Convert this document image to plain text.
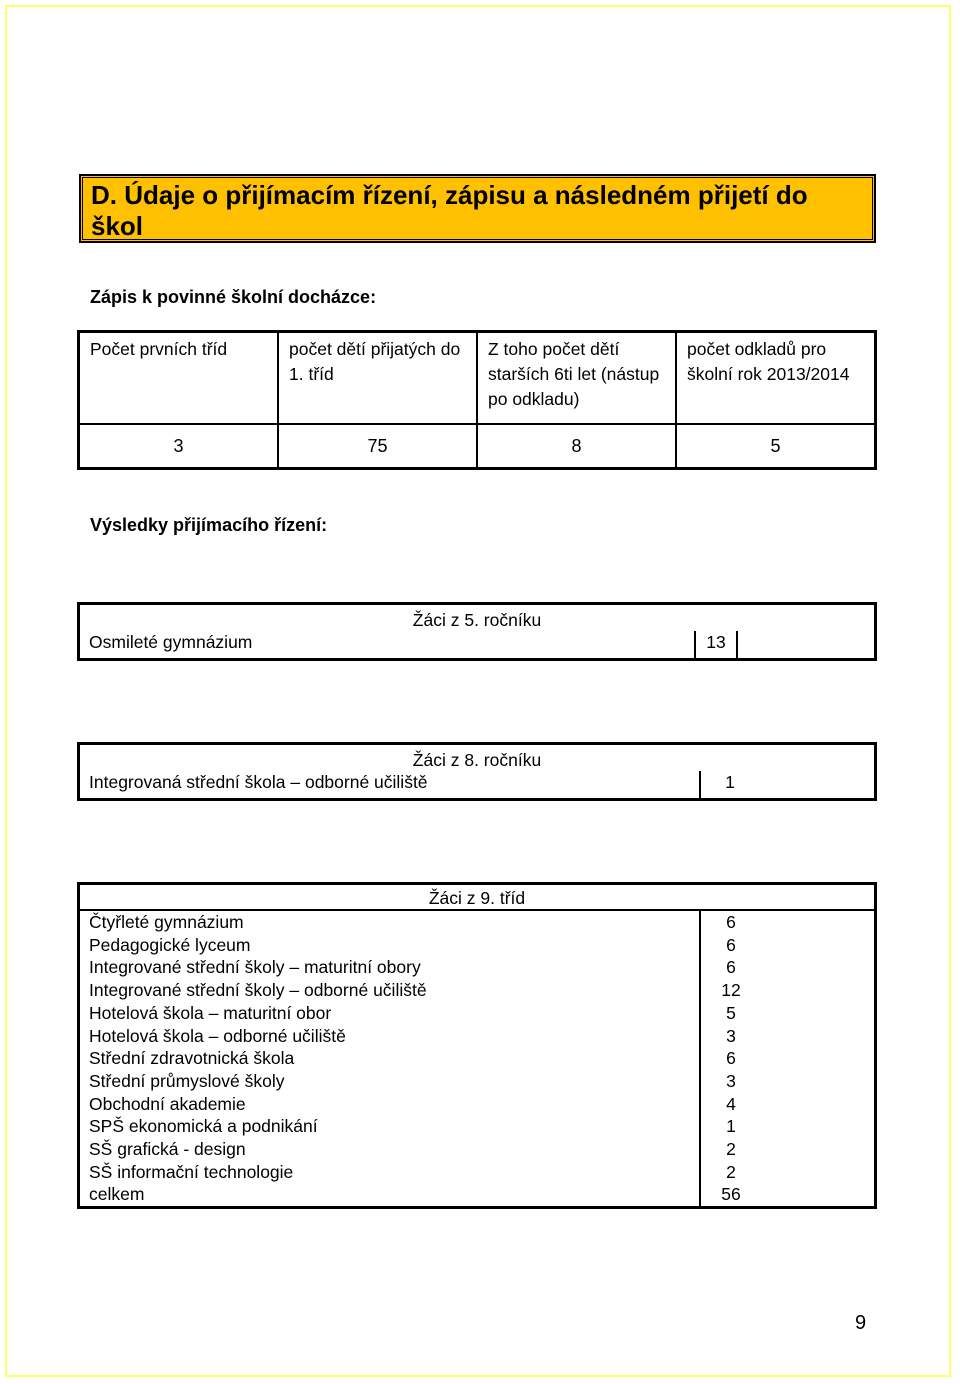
D. Údaje o přijímacím řízení, zápisu a následném přijetí do škol
Zápis k povinné školní docházce:
Počet prvních tříd	počet dětí přijatých do 1. tříd	Z toho počet dětí starších 6ti let (nástup po odkladu)	počet odkladů pro školní rok 2013/2014
3	75	8	5
Výsledky přijímacího řízení:
Žáci z 5. ročníku
Osmileté gymnázium	13	
Žáci z 8. ročníku
Integrovaná střední škola – odborné učiliště	1	
Žáci z 9. tříd		
Čtyřleté gymnázium	6	
Pedagogické lyceum	6	
Integrované střední školy – maturitní obory	6	
Integrované střední školy – odborné učiliště	12	
Hotelová škola – maturitní obor	5	
Hotelová škola – odborné učiliště	3	
Střední zdravotnická škola	6	
Střední průmyslové školy	3	
Obchodní akademie	4	
SPŠ ekonomická a podnikání	1	
SŠ grafická - design	2	
SŠ informační technologie	2	
celkem	56	
9
